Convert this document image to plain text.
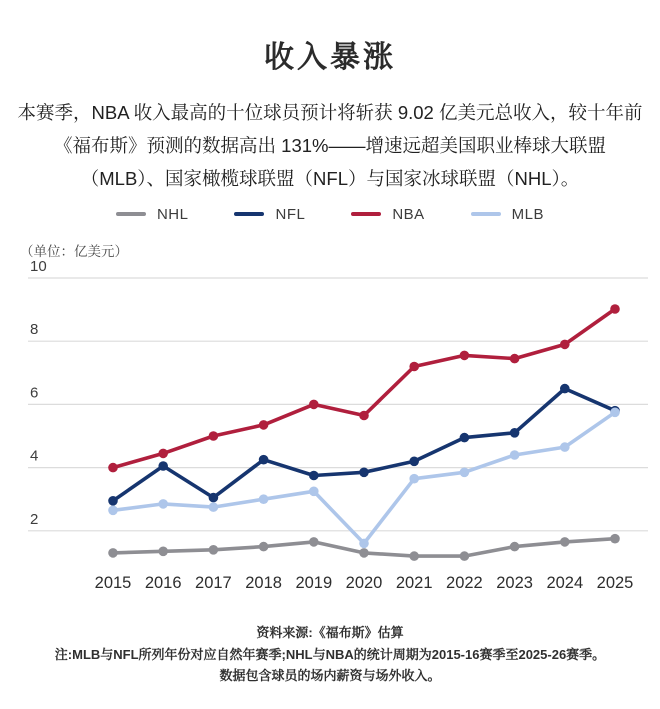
收入暴涨

本赛季，NBA 收入最高的十位球员预计将斩获 9.02 亿美元总收入，较十年前《福布斯》预测的数据高出 131%——增速远超美国职业棒球大联盟（MLB）、国家橄榄球联盟（NFL）与国家冰球联盟（NHL）。

NHL	NFL	NBA	MLB
（单位：亿美元）
2
4
6
8
10
2015 2016 2017 2018 2019 2020 2021 2022 2023 2024 2025
资料来源:《福布斯》估算
注:MLB与NFL所列年份对应自然年赛季;NHL与NBA的统计周期为2015-16赛季至2025-26赛季。
数据包含球员的场内薪资与场外收入。
